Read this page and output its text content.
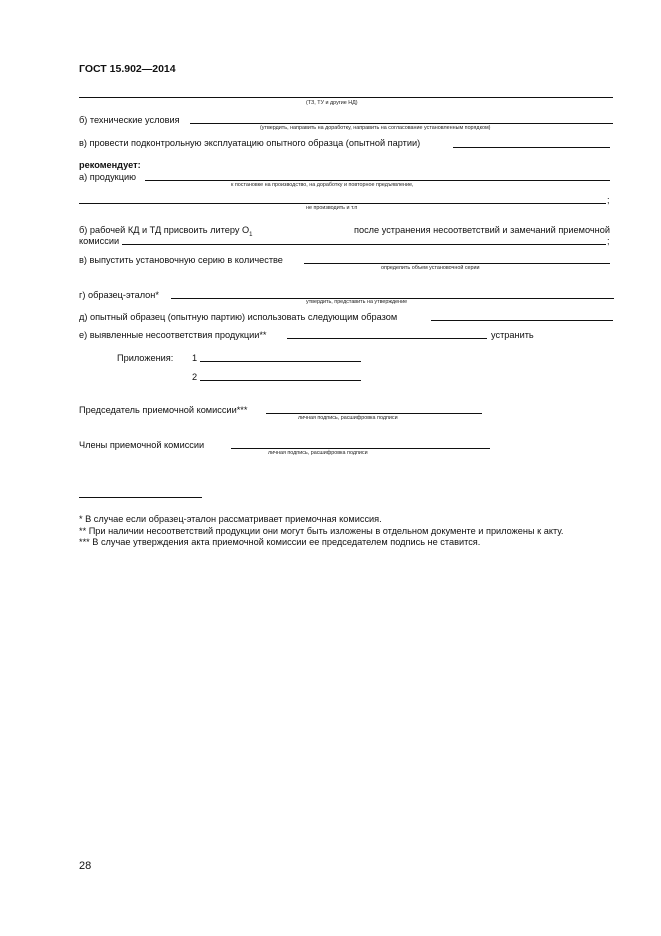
ГОСТ 15.902—2014
(ТЗ, ТУ и другие НД)
б) технические условия
(утвердить, направить на доработку, направить на согласование установленным порядком)
в) провести подконтрольную эксплуатацию опытного образца (опытной партии)
рекомендует:
а) продукцию
к постановке на производство, на доработку и повторное предъявление,
;
не производить и т.п
б) рабочей КД и ТД присвоить литеру $О_1$	после устранения несоответствий и замечаний приемочной
комиссии	;
в) выпустить установочную серию в количестве
определить объем установочной серии
г) образец-эталон*
утвердить, представить на утверждение
д) опытный образец (опытную партию) использовать следующим образом
е) выявленные несоответствия продукции**	устранить
Приложения: 1
2
Председатель приемочной комиссии***
личная подпись, расшифровка подписи
Члены приемочной комиссии
личная подпись, расшифровка подписи
* В случае если образец-эталон рассматривает приемочная комиссия.
** При наличии несоответствий продукции они могут быть изложены в отдельном документе и приложены к акту.
*** В случае утверждения акта приемочной комиссии ее председателем подпись не ставится.
28
